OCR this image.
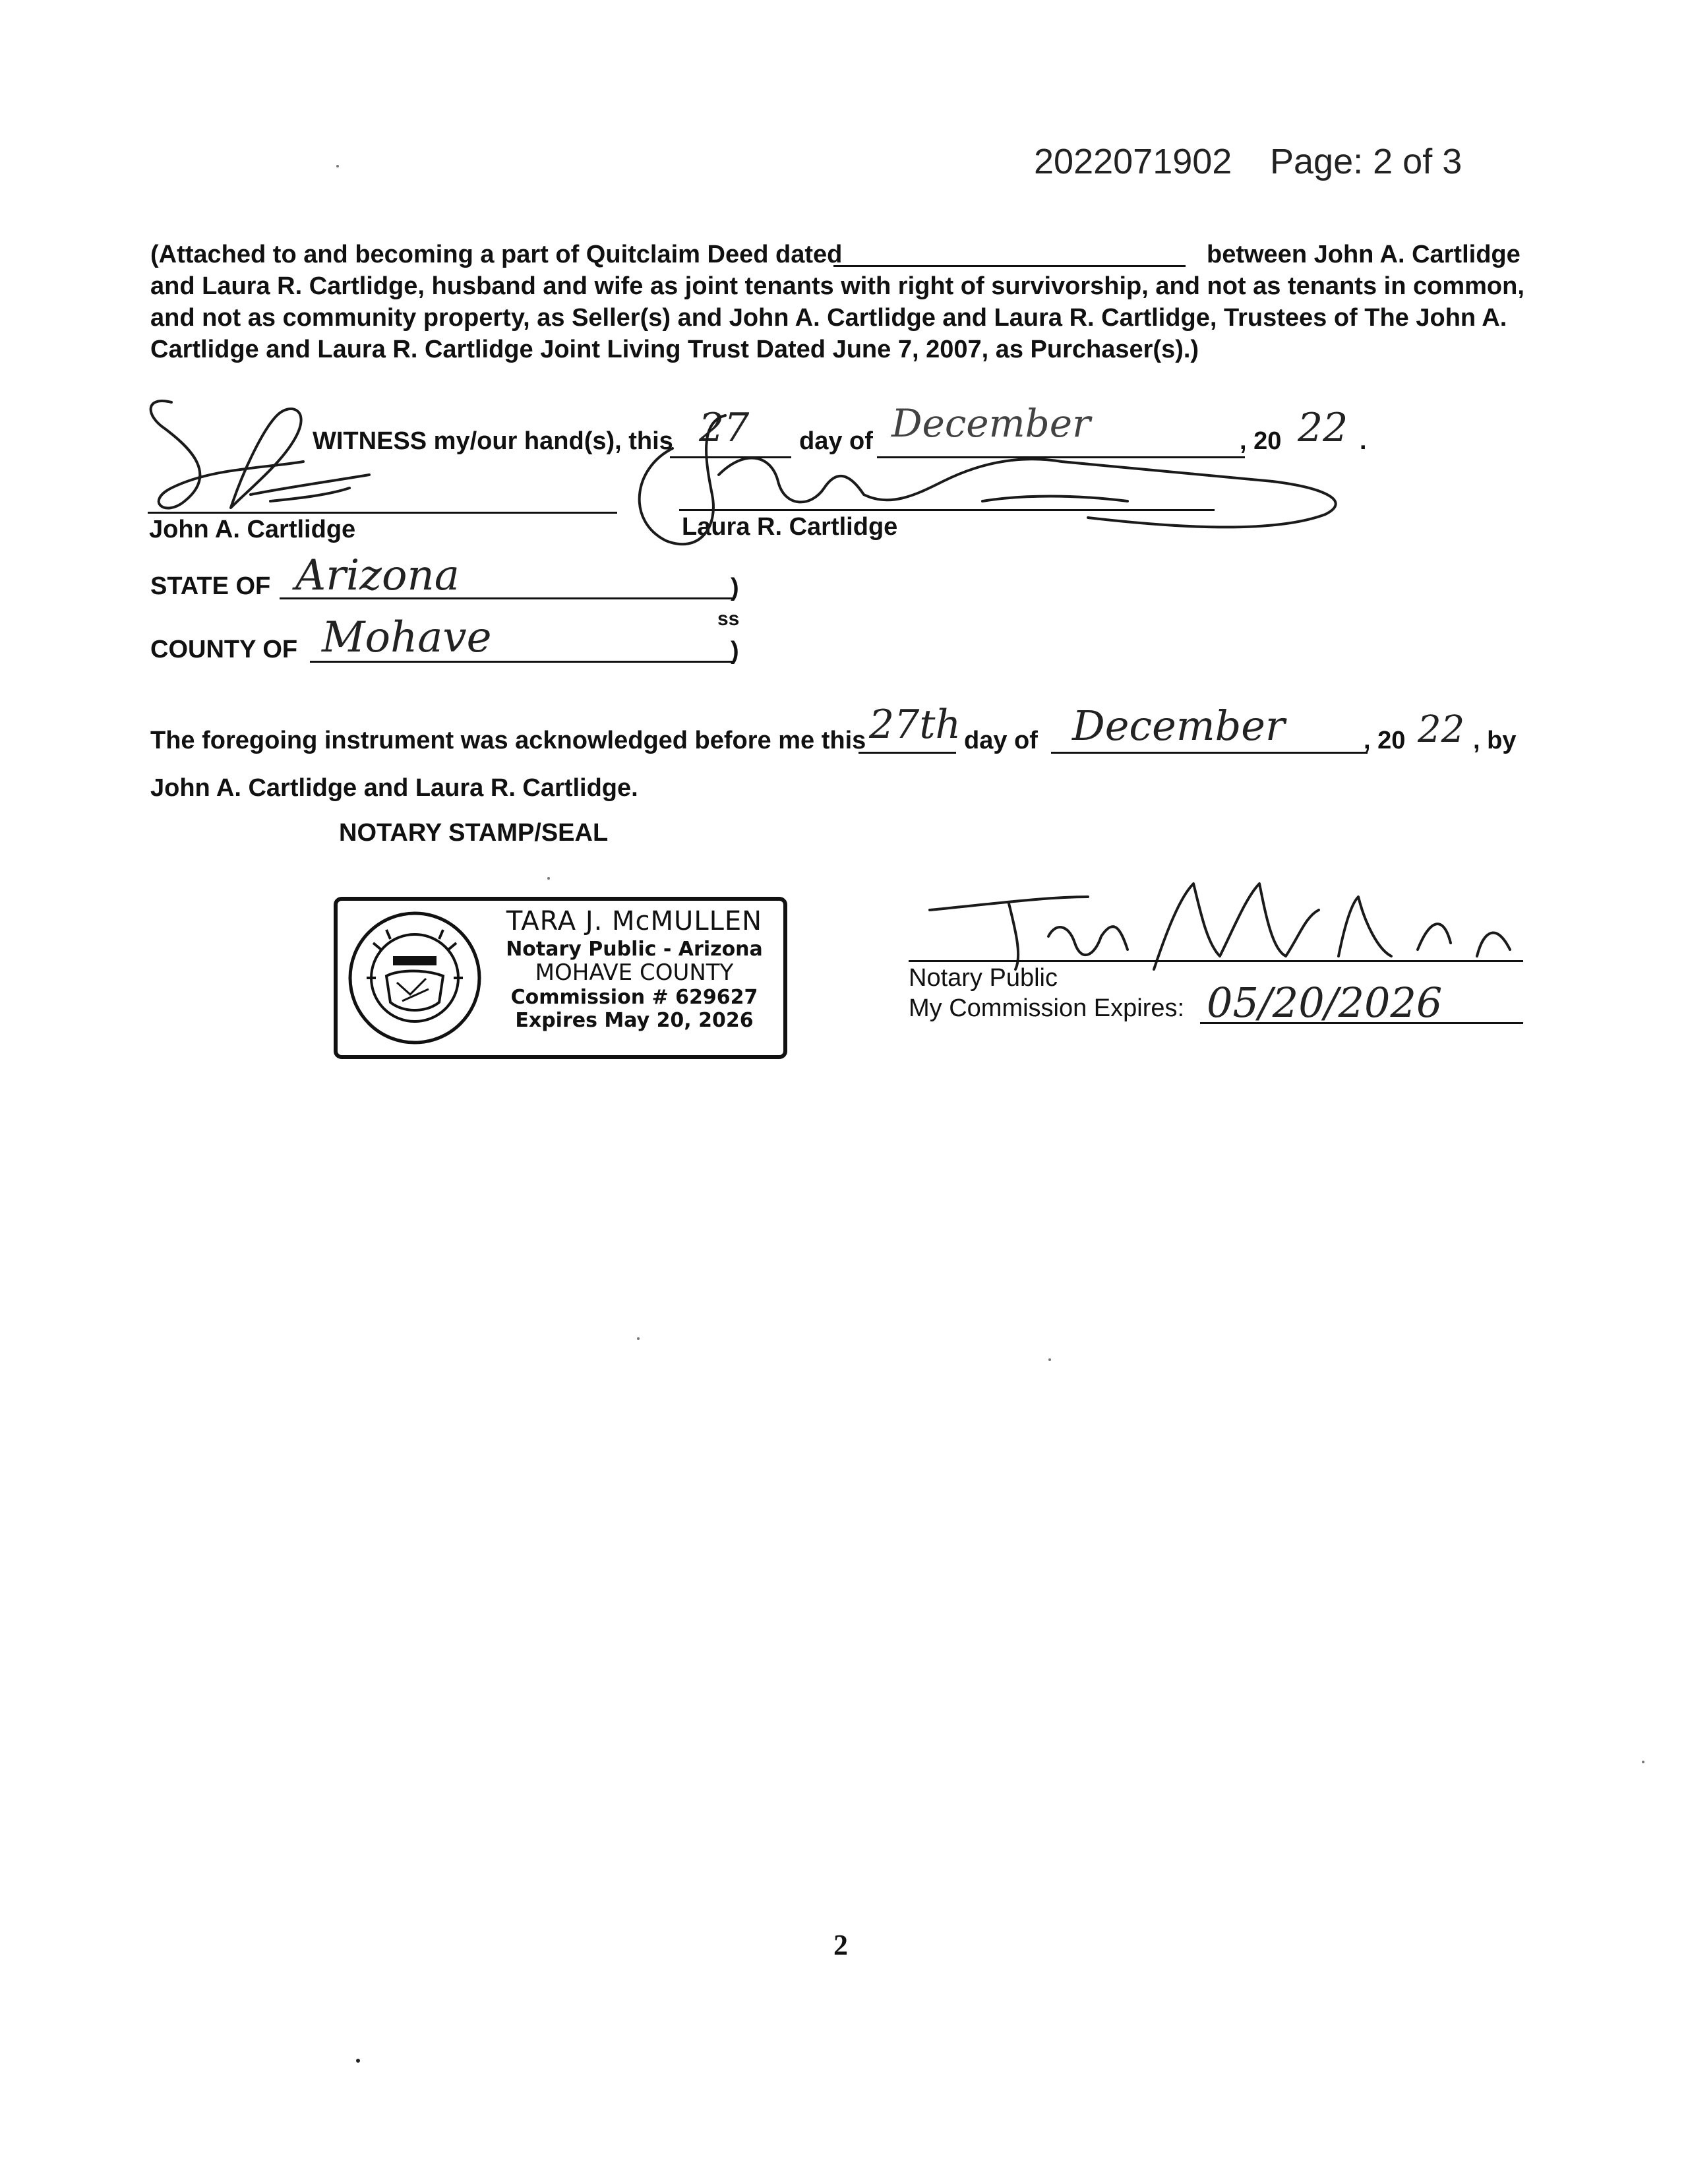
2022071902 Page: 2 of 3
(Attached to and becoming a part of Quitclaim Deed dated	between John A. Cartlidge
and Laura R. Cartlidge, husband and wife as joint tenants with right of survivorship, and not as tenants in common,
and not as community property, as Seller(s) and John A. Cartlidge and Laura R. Cartlidge, Trustees of The John A.
Cartlidge and Laura R. Cartlidge Joint Living Trust Dated June 7, 2007, as Purchaser(s).)
WITNESS my/our hand(s), this 27 day of December	, 20 22 .
John A. Cartlidge	Laura R. Cartlidge
STATE OF Arizona	)
ss
COUNTY OF Mohave	)
The foregoing instrument was acknowledged before me this 27th day of December	, 20 22 , by
John A. Cartlidge and Laura R. Cartlidge.
NOTARY STAMP/SEAL
TARA J. McMULLEN
Notary Public - Arizona
MOHAVE COUNTY
Commission # 629627
Expires May 20, 2026
Notary Public
My Commission Expires: 05/20/2026
2
